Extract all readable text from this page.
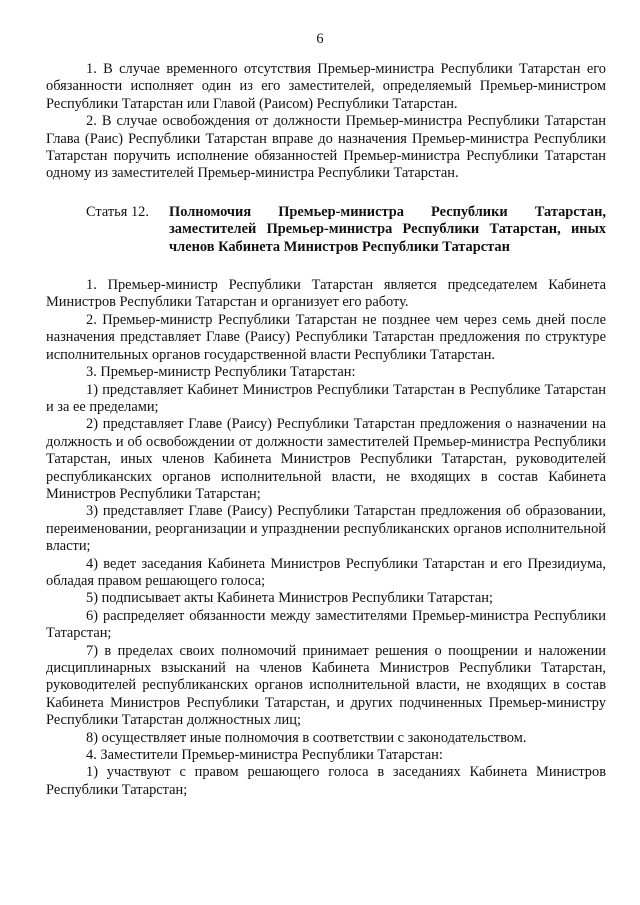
6

1. В случае временного отсутствия Премьер-министра Республики Татарстан его обязанности исполняет один из его заместителей, определяемый Премьер-министром Республики Татарстан или Главой (Раисом) Республики Татарстан.

2. В случае освобождения от должности Премьер-министра Республики Татарстан Глава (Раис) Республики Татарстан вправе до назначения Премьер-министра Республики Татарстан поручить исполнение обязанностей Премьер-министра Республики Татарстан одному из заместителей Премьер-министра Республики Татарстан.

Статья 12.	Полномочия Премьер-министра Республики Татарстан, заместителей Премьер-министра Республики Татарстан, иных членов Кабинета Министров Республики Татарстан

1. Премьер-министр Республики Татарстан является председателем Кабинета Министров Республики Татарстан и организует его работу.

2. Премьер-министр Республики Татарстан не позднее чем через семь дней после назначения представляет Главе (Раису) Республики Татарстан предложения по структуре исполнительных органов государственной власти Республики Татарстан.

3. Премьер-министр Республики Татарстан:

1) представляет Кабинет Министров Республики Татарстан в Республике Татарстан и за ее пределами;

2) представляет Главе (Раису) Республики Татарстан предложения о назначении на должность и об освобождении от должности заместителей Премьер-министра Республики Татарстан, иных членов Кабинета Министров Республики Татарстан, руководителей республиканских органов исполнительной власти, не входящих в состав Кабинета Министров Республики Татарстан;

3) представляет Главе (Раису) Республики Татарстан предложения об образовании, переименовании, реорганизации и упразднении республиканских органов исполнительной власти;

4) ведет заседания Кабинета Министров Республики Татарстан и его Президиума, обладая правом решающего голоса;

5) подписывает акты Кабинета Министров Республики Татарстан;

6) распределяет обязанности между заместителями Премьер-министра Республики Татарстан;

7) в пределах своих полномочий принимает решения о поощрении и наложении дисциплинарных взысканий на членов Кабинета Министров Республики Татарстан, руководителей республиканских органов исполнительной власти, не входящих в состав Кабинета Министров Республики Татарстан, и других подчиненных Премьер-министру Республики Татарстан должностных лиц;

8) осуществляет иные полномочия в соответствии с законодательством.

4. Заместители Премьер-министра Республики Татарстан:

1) участвуют с правом решающего голоса в заседаниях Кабинета Министров Республики Татарстан;
